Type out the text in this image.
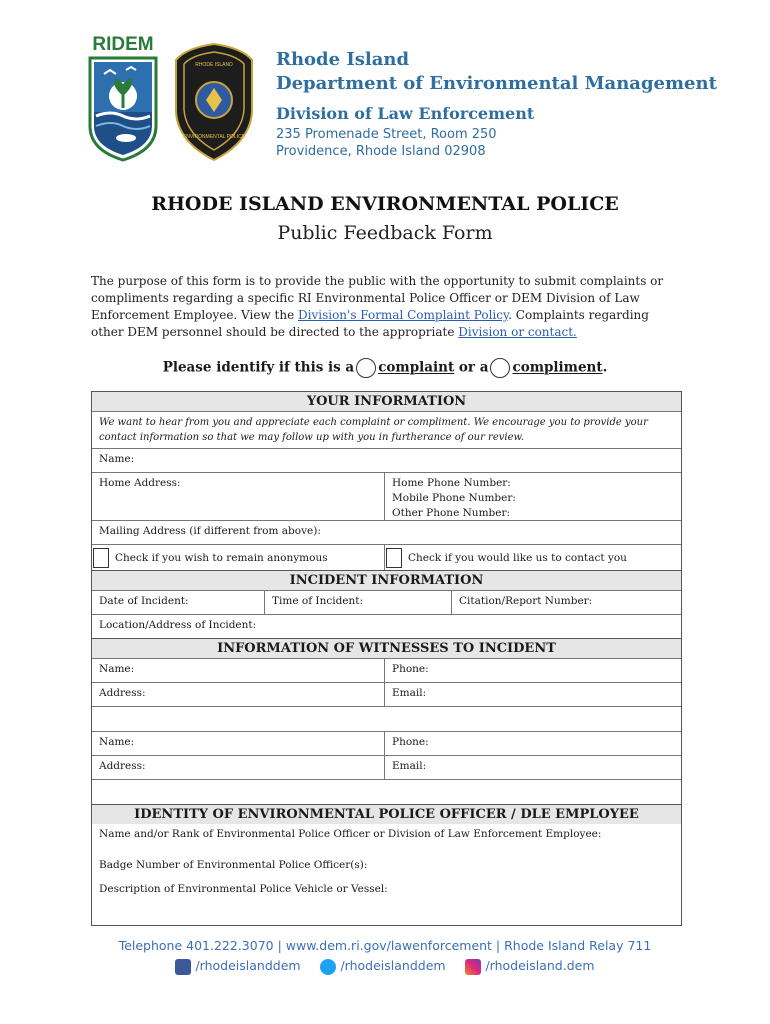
RIDEM
RHODE ISLAND
ENVIRONMENTAL POLICE
Rhode Island
Department of Environmental Management
Division of Law Enforcement
235 Promenade Street, Room 250
Providence, Rhode Island 02908
RHODE ISLAND ENVIRONMENTAL POLICE
Public Feedback Form
The purpose of this form is to provide the public with the opportunity to submit complaints or compliments regarding a specific RI Environmental Police Officer or DEM Division of Law Enforcement Employee. View the Division's Formal Complaint Policy. Complaints regarding other DEM personnel should be directed to the appropriate Division or contact.
Please identify if this is a complaint or a compliment.
YOUR INFORMATION
We want to hear from you and appreciate each complaint or compliment. We encourage you to provide your contact information so that we may follow up with you in furtherance of our review.
Name:
Home Address:	Home Phone Number:
Mobile Phone Number:
Other Phone Number:
Mailing Address (if different from above):
Check if you wish to remain anonymous	Check if you would like us to contact you
INCIDENT INFORMATION
Date of Incident:	Time of Incident:	Citation/Report Number:
Location/Address of Incident:
INFORMATION OF WITNESSES TO INCIDENT
Name:	Phone:
Address:	Email:
Name:	Phone:
Address:	Email:
IDENTITY OF ENVIRONMENTAL POLICE OFFICER / DLE EMPLOYEE
Name and/or Rank of Environmental Police Officer or Division of Law Enforcement Employee:
Badge Number of Environmental Police Officer(s):
Description of Environmental Police Vehicle or Vessel:
Telephone 401.222.3070 | www.dem.ri.gov/lawenforcement | Rhode Island Relay 711
/rhodeislanddem	/rhodeislanddem	/rhodeisland.dem
